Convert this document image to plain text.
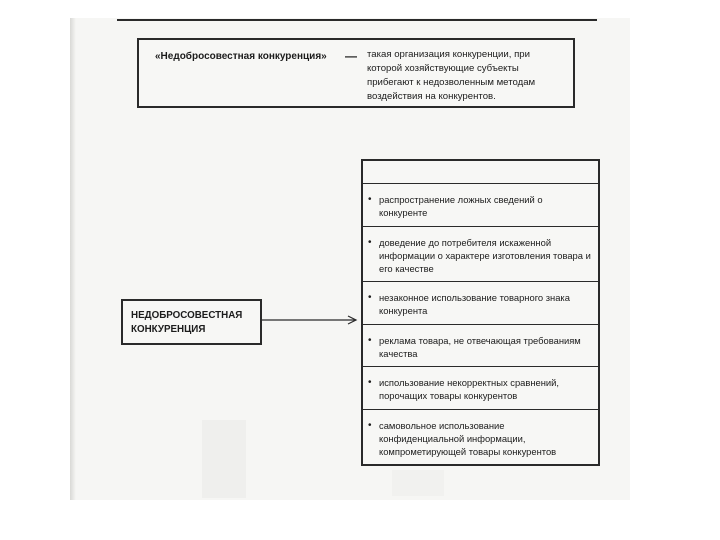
«Недобросовестная конкуренция» — такая организация конкуренции, при которой хозяйствующие субъекты прибегают к недозволенным методам воздействия на конкурентов.
НЕДОБРОСОВЕСТНАЯ
КОНКУРЕНЦИЯ
• распространение ложных сведений о конкуренте
• доведение до потребителя искаженной информации о характере изготовления товара и его качестве
• незаконное использование товарного знака конкурента
• реклама товара, не отвечающая требованиям качества
• использование некорректных сравнений, порочащих товары конкурентов
• самовольное использование конфиденциальной информации, компрометирующей товары конкурентов
